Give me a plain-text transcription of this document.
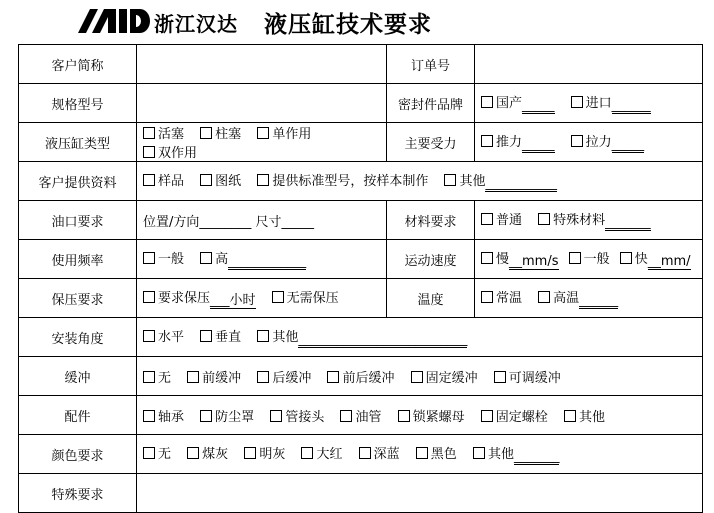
浙江汉达 液压缸技术要求
客户简称		订单号	
规格型号		密封件品牌	国产_____ 进口______
液压缸类型	活塞 柱塞 单作用 双作用	主要受力	推力_____ 拉力_____
客户提供资料	样品 图纸 提供标准型号，按样本制作 其他___________		
油口要求	位置/方向________ 尺寸_____	材料要求	普通 特殊材料_______
使用频率	一般 高____________	运动速度	慢__mm/s 一般 快__mm/
保压要求	要求保压___小时 无需保压	温度	常温 高温______
安装角度	水平 垂直 其他__________________________		
缓冲	无 前缓冲 后缓冲 前后缓冲 固定缓冲 可调缓冲		
配件	轴承 防尘罩 管接头 油管 锁紧螺母 固定螺栓 其他		
颜色要求	无 煤灰 明灰 大红 深蓝 黑色 其他_______		
特殊要求			
